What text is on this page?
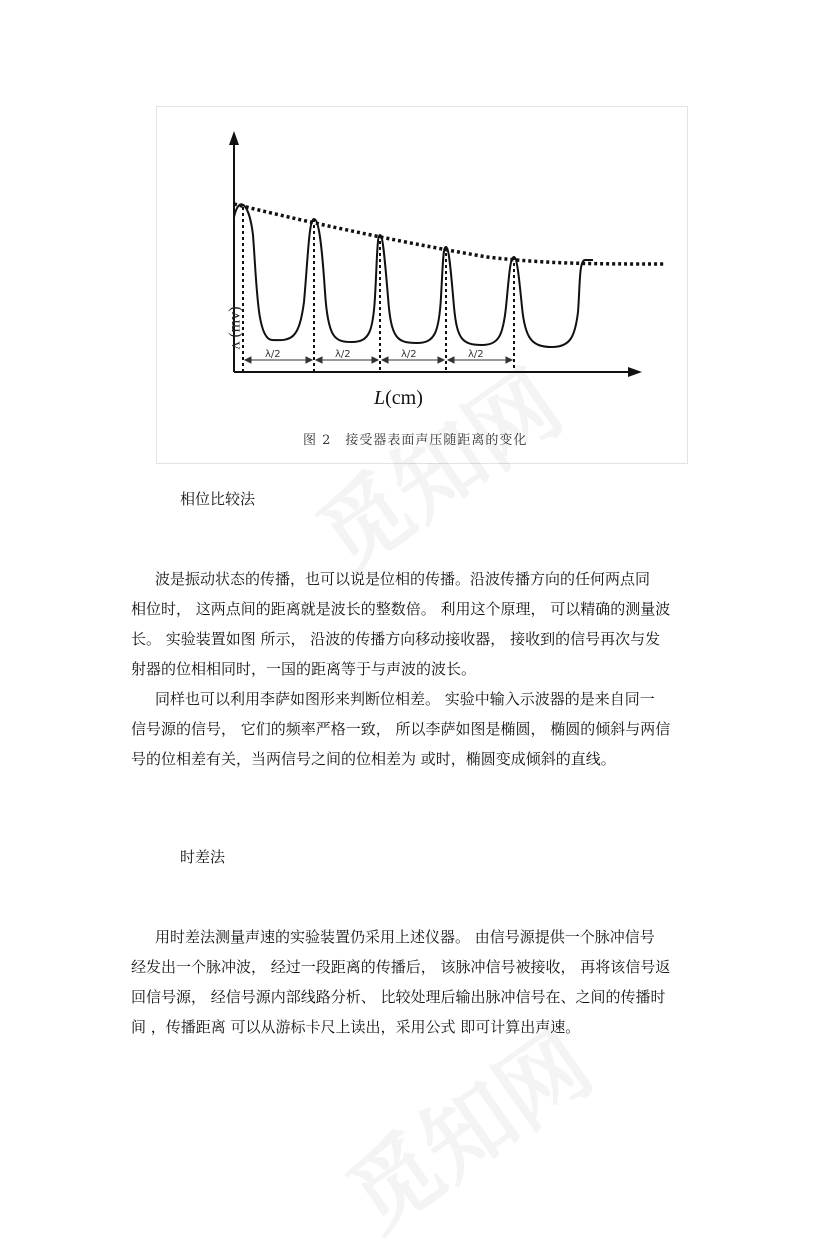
λ/2	λ/2	λ/2	λ/2
ʌ (mv)
L(cm)
图 2　接受器表面声压随距离的变化
相位比较法
波是振动状态的传播，也可以说是位相的传播。沿波传播方向的任何两点同
相位时， 这两点间的距离就是波长的整数倍。 利用这个原理， 可以精确的测量波
长。 实验装置如图 所示， 沿波的传播方向移动接收器， 接收到的信号再次与发
射器的位相相同时，一国的距离等于与声波的波长。
同样也可以利用李萨如图形来判断位相差。 实验中输入示波器的是来自同一
信号源的信号， 它们的频率严格一致， 所以李萨如图是椭圆， 椭圆的倾斜与两信
号的位相差有关，当两信号之间的位相差为 或时，椭圆变成倾斜的直线。
时差法
用时差法测量声速的实验装置仍采用上述仪器。 由信号源提供一个脉冲信号
经发出一个脉冲波， 经过一段距离的传播后， 该脉冲信号被接收， 再将该信号返
回信号源， 经信号源内部线路分析、 比较处理后输出脉冲信号在、之间的传播时
间 ，传播距离 可以从游标卡尺上读出，采用公式 即可计算出声速。
